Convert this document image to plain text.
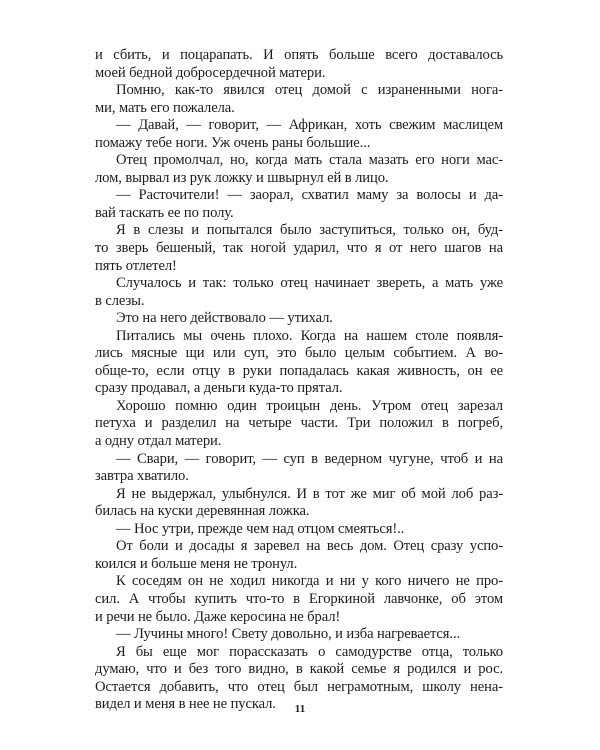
и сбить, и поцарапать. И опять больше всего доставалось
моей бедной добросердечной матери.
Помню, как-то явился отец домой с израненными нога-
ми, мать его пожалела.
— Давай, — говорит, — Африкан, хоть свежим маслицем
помажу тебе ноги. Уж очень раны большие...
Отец промолчал, но, когда мать стала мазать его ноги мас-
лом, вырвал из рук ложку и швырнул ей в лицо.
— Расточители! — заорал, схватил маму за волосы и да-
вай таскать ее по полу.
Я в слезы и попытался было заступиться, только он, буд-
то зверь бешеный, так ногой ударил, что я от него шагов на
пять отлетел!
Случалось и так: только отец начинает звереть, а мать уже
в слезы.
Это на него действовало — утихал.
Питались мы очень плохо. Когда на нашем столе появля-
лись мясные щи или суп, это было целым событием. А во-
обще-то, если отцу в руки попадалась какая живность, он ее
сразу продавал, а деньги куда-то прятал.
Хорошо помню один троицын день. Утром отец зарезал
петуха и разделил на четыре части. Три положил в погреб,
а одну отдал матери.
— Свари, — говорит, — суп в ведерном чугуне, чтоб и на
завтра хватило.
Я не выдержал, улыбнулся. И в тот же миг об мой лоб раз-
билась на куски деревянная ложка.
— Нос утри, прежде чем над отцом смеяться!..
От боли и досады я заревел на весь дом. Отец сразу успо-
коился и больше меня не тронул.
К соседям он не ходил никогда и ни у кого ничего не про-
сил. А чтобы купить что-то в Егоркиной лавчонке, об этом
и речи не было. Даже керосина не брал!
— Лучины много! Свету довольно, и изба нагревается...
Я бы еще мог порассказать о самодурстве отца, только
думаю, что и без того видно, в какой семье я родился и рос.
Остается добавить, что отец был неграмотным, школу нена-
видел и меня в нее не пускал.	11
